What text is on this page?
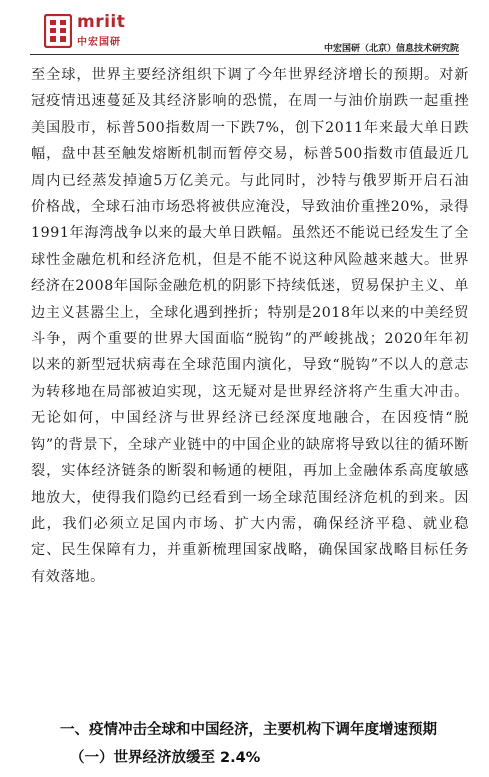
mriit
中宏国研
中宏国研（北京）信息技术研究院

至全球，世界主要经济组织下调了今年世界经济增长的预期。对新冠疫情迅速蔓延及其经济影响的恐慌，在周一与油价崩跌一起重挫美国股市，标普500指数周一下跌7%，创下2011年来最大单日跌幅，盘中甚至触发熔断机制而暂停交易，标普500指数市值最近几周内已经蒸发掉逾5万亿美元。与此同时，沙特与俄罗斯开启石油价格战，全球石油市场恐将被供应淹没，导致油价重挫20%，录得1991年海湾战争以来的最大单日跌幅。虽然还不能说已经发生了全球性金融危机和经济危机，但是不能不说这种风险越来越大。世界经济在2008年国际金融危机的阴影下持续低迷，贸易保护主义、单边主义甚嚣尘上，全球化遇到挫折；特别是2018年以来的中美经贸斗争，两个重要的世界大国面临“脱钩”的严峻挑战；2020年年初以来的新型冠状病毒在全球范围内演化，导致“脱钩”不以人的意志为转移地在局部被迫实现，这无疑对是世界经济将产生重大冲击。无论如何，中国经济与世界经济已经深度地融合，在因疫情“脱钩”的背景下，全球产业链中的中国企业的缺席将导致以往的循环断裂，实体经济链条的断裂和畅通的梗阻，再加上金融体系高度敏感地放大，使得我们隐约已经看到一场全球范围经济危机的到来。因此，我们必须立足国内市场、扩大内需，确保经济平稳、就业稳定、民生保障有力，并重新梳理国家战略，确保国家战略目标任务有效落地。

一、疫情冲击全球和中国经济，主要机构下调年度增速预期
（一）世界经济放缓至 2.4%
